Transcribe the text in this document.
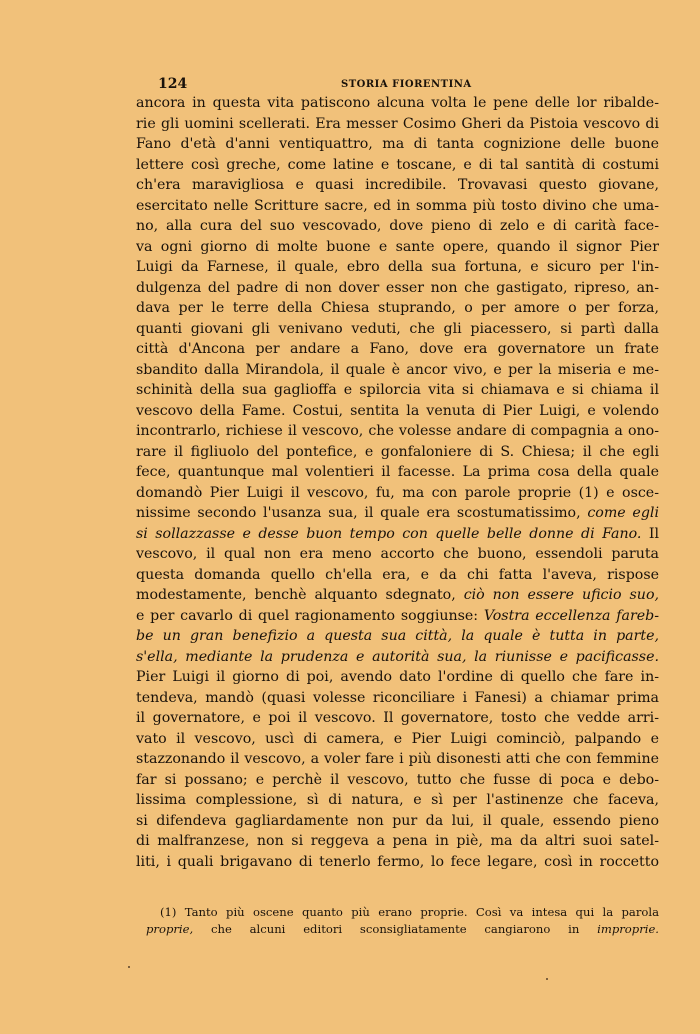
124	STORIA FIORENTINA
ancora in questa vita patiscono alcuna volta le pene delle lor ribalde-
rie gli uomini scellerati. Era messer Cosimo Gheri da Pistoia vescovo di
Fano d'età d'anni ventiquattro, ma di tanta cognizione delle buone
lettere così greche, come latine e toscane, e di tal santità di costumi
ch'era maravigliosa e quasi incredibile. Trovavasi questo giovane,
esercitato nelle Scritture sacre, ed in somma più tosto divino che uma-
no, alla cura del suo vescovado, dove pieno di zelo e di carità face-
va ogni giorno di molte buone e sante opere, quando il signor Pier
Luigi da Farnese, il quale, ebro della sua fortuna, e sicuro per l'in-
dulgenza del padre di non dover esser non che gastigato, ripreso, an-
dava per le terre della Chiesa stuprando, o per amore o per forza,
quanti giovani gli venivano veduti, che gli piacessero, si partì dalla
città d'Ancona per andare a Fano, dove era governatore un frate
sbandito dalla Mirandola, il quale è ancor vivo, e per la miseria e me-
schinità della sua gaglioffa e spilorcia vita si chiamava e si chiama il
vescovo della Fame. Costui, sentita la venuta di Pier Luigi, e volendo
incontrarlo, richiese il vescovo, che volesse andare di compagnia a ono-
rare il figliuolo del pontefice, e gonfaloniere di S. Chiesa; il che egli
fece, quantunque mal volentieri il facesse. La prima cosa della quale
domandò Pier Luigi il vescovo, fu, ma con parole proprie (1) e osce-
nissime secondo l'usanza sua, il quale era scostumatissimo, come egli
si sollazzasse e desse buon tempo con quelle belle donne di Fano. Il
vescovo, il qual non era meno accorto che buono, essendoli paruta
questa domanda quello ch'ella era, e da chi fatta l'aveva, rispose
modestamente, benchè alquanto sdegnato, ciò non essere uficio suo,
e per cavarlo di quel ragionamento soggiunse: Vostra eccellenza fareb-
be un gran benefizio a questa sua città, la quale è tutta in parte,
s'ella, mediante la prudenza e autorità sua, la riunisse e pacificasse.
Pier Luigi il giorno di poi, avendo dato l'ordine di quello che fare in-
tendeva, mandò (quasi volesse riconciliare i Fanesi) a chiamar prima
il governatore, e poi il vescovo. Il governatore, tosto che vedde arri-
vato il vescovo, uscì di camera, e Pier Luigi cominciò, palpando e
stazzonando il vescovo, a voler fare i più disonesti atti che con femmine
far si possano; e perchè il vescovo, tutto che fusse di poca e debo-
lissima complessione, sì di natura, e sì per l'astinenze che faceva,
si difendeva gagliardamente non pur da lui, il quale, essendo pieno
di malfranzese, non si reggeva a pena in piè, ma da altri suoi satel-
liti, i quali brigavano di tenerlo fermo, lo fece legare, così in roccetto
(1) Tanto più oscene quanto più erano proprie. Così va intesa qui la parola
proprie, che alcuni editori sconsigliatamente cangiarono in improprie.
